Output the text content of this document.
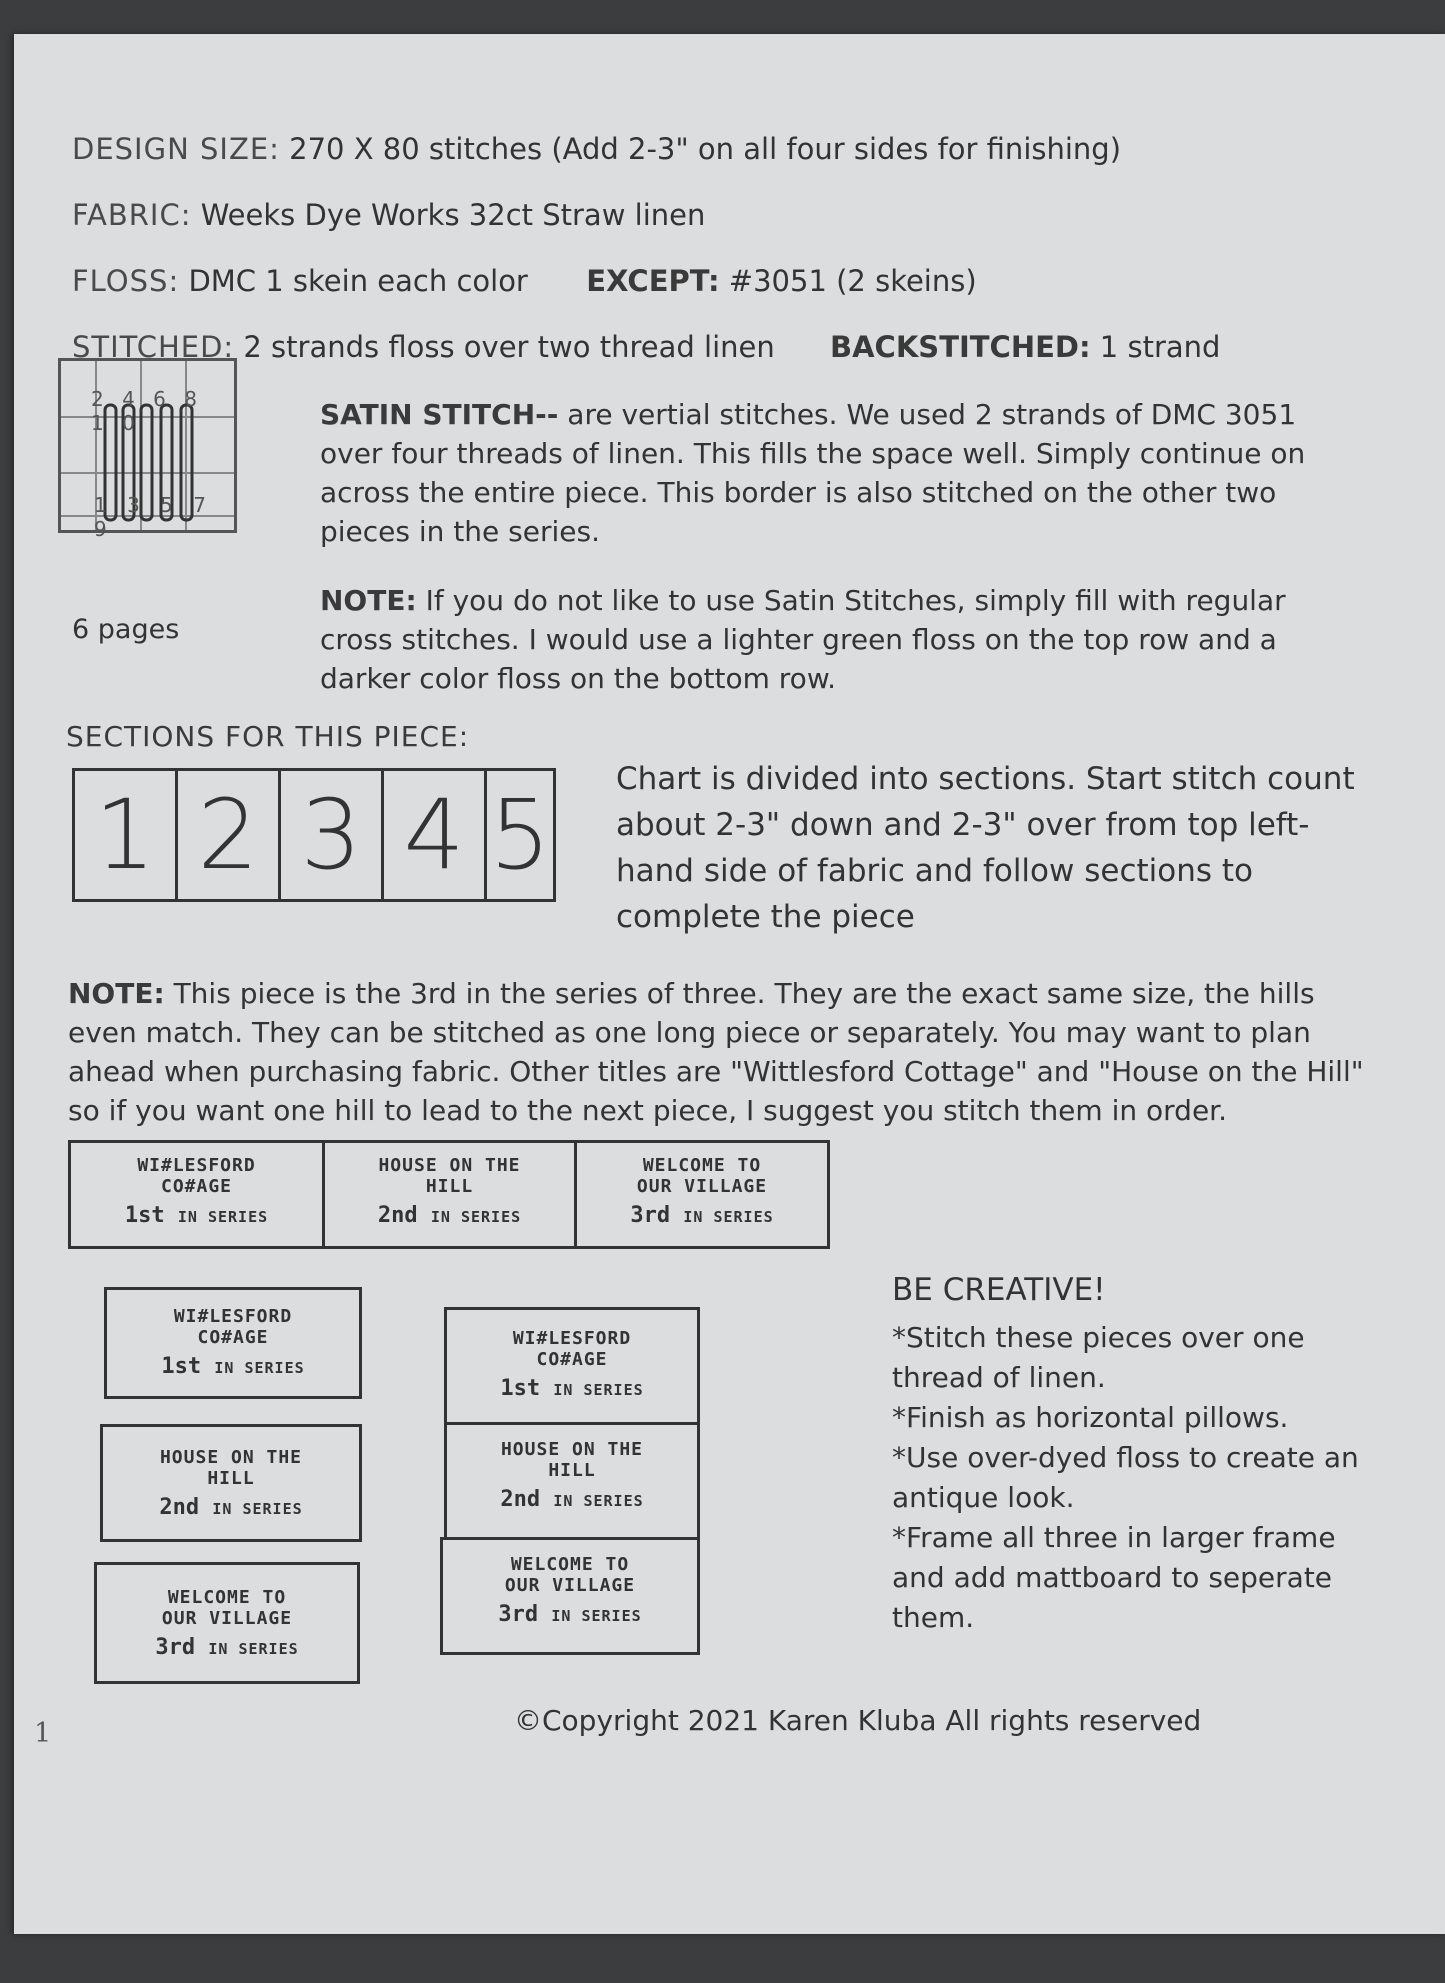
DESIGN SIZE: 270 X 80 stitches (Add 2-3" on all four sides for finishing)
FABRIC: Weeks Dye Works 32ct Straw linen
FLOSS: DMC 1 skein each color EXCEPT: #3051 (2 skeins)
STITCHED: 2 strands floss over two thread linen BACKSTITCHED: 1 strand
2 4 6 8 1 0
1 3 5 7 9
6 pages
SATIN STITCH-- are vertial stitches. We used 2 strands of DMC 3051 over four threads of linen. This fills the space well. Simply continue on across the entire piece. This border is also stitched on the other two pieces in the series.
NOTE: If you do not like to use Satin Stitches, simply fill with regular cross stitches. I would use a lighter green floss on the top row and a darker color floss on the bottom row.
SECTIONS FOR THIS PIECE:
1 2 3 4 5 Chart is divided into sections. Start stitch count about 2-3" down and 2-3" over from top left-hand side of fabric and follow sections to complete the piece
NOTE: This piece is the 3rd in the series of three. They are the exact same size, the hills even match. They can be stitched as one long piece or separately. You may want to plan ahead when purchasing fabric. Other titles are "Wittlesford Cottage" and "House on the Hill" so if you want one hill to lead to the next piece, I suggest you stitch them in order.
WI#LESFORD
CO#AGE
1st IN SERIES
HOUSE ON THE
HILL
2nd IN SERIES
WELCOME TO
OUR VILLAGE
3rd IN SERIES
WI#LESFORD
CO#AGE
1st IN SERIES
HOUSE ON THE
HILL
2nd IN SERIES
WELCOME TO
OUR VILLAGE
3rd IN SERIES
WI#LESFORD
CO#AGE
1st IN SERIES
HOUSE ON THE
HILL
2nd IN SERIES
WELCOME TO
OUR VILLAGE
3rd IN SERIES
BE CREATIVE!
*Stitch these pieces over one thread of linen.
*Finish as horizontal pillows.
*Use over-dyed floss to create an antique look.
*Frame all three in larger frame and add mattboard to seperate them.
1	©Copyright 2021 Karen Kluba All rights reserved
